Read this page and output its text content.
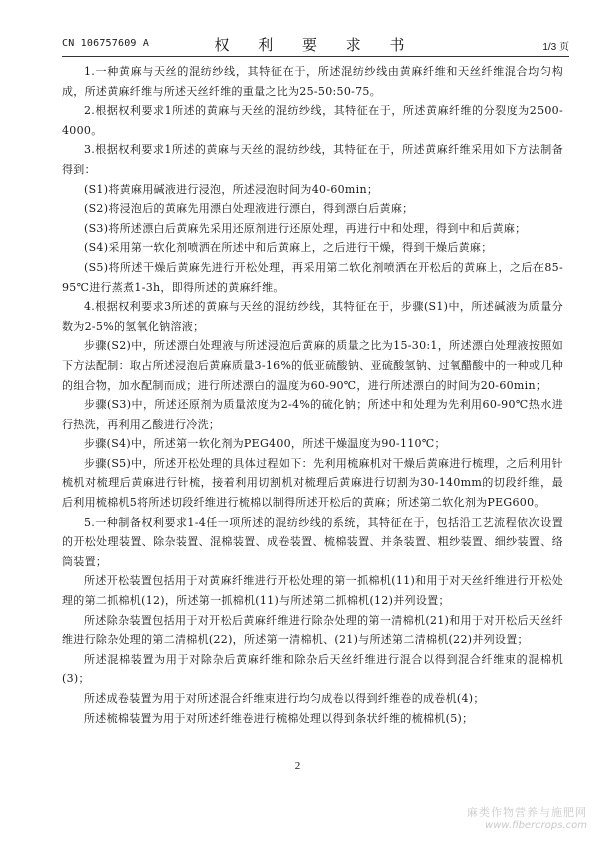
CN 106757609 A	权 利 要 求 书	1/3 页

1.一种黄麻与天丝的混纺纱线，其特征在于，所述混纺纱线由黄麻纤维和天丝纤维混合均匀构成，所述黄麻纤维与所述天丝纤维的重量之比为25-50:50-75。

2.根据权利要求1所述的黄麻与天丝的混纺纱线，其特征在于，所述黄麻纤维的分裂度为2500-4000。

3.根据权利要求1所述的黄麻与天丝的混纺纱线，其特征在于，所述黄麻纤维采用如下方法制备得到：

(S1)将黄麻用碱液进行浸泡，所述浸泡时间为40-60min；

(S2)将浸泡后的黄麻先用漂白处理液进行漂白，得到漂白后黄麻；

(S3)将所述漂白后黄麻先采用还原剂进行还原处理，再进行中和处理，得到中和后黄麻；

(S4)采用第一软化剂喷洒在所述中和后黄麻上，之后进行干燥，得到干燥后黄麻；

(S5)将所述干燥后黄麻先进行开松处理，再采用第二软化剂喷洒在开松后的黄麻上，之后在85-95℃进行蒸煮1-3h，即得所述的黄麻纤维。

4.根据权利要求3所述的黄麻与天丝的混纺纱线，其特征在于，步骤(S1)中，所述碱液为质量分数为2-5%的氢氧化钠溶液；

步骤(S2)中，所述漂白处理液与所述浸泡后黄麻的质量之比为15-30:1，所述漂白处理液按照如下方法配制：取占所述浸泡后黄麻质量3-16%的低亚硫酸钠、亚硫酸氢钠、过氧醋酸中的一种或几种的组合物，加水配制而成；进行所述漂白的温度为60-90℃，进行所述漂白的时间为20-60min；

步骤(S3)中，所述还原剂为质量浓度为2-4%的硫化钠；所述中和处理为先利用60-90℃热水进行热洗，再利用乙酸进行冷洗；

步骤(S4)中，所述第一软化剂为PEG400，所述干燥温度为90-110℃；

步骤(S5)中，所述开松处理的具体过程如下：先利用梳麻机对干燥后黄麻进行梳理，之后利用针梳机对梳理后黄麻进行针梳，接着利用切割机对梳理后黄麻进行切割为30-140mm的切段纤维，最后利用梳棉机5将所述切段纤维进行梳棉以制得所述开松后的黄麻；所述第二软化剂为PEG600。

5.一种制备权利要求1-4任一项所述的混纺纱线的系统，其特征在于，包括沿工艺流程依次设置的开松处理装置、除杂装置、混棉装置、成卷装置、梳棉装置、并条装置、粗纱装置、细纱装置、络筒装置；

所述开松装置包括用于对黄麻纤维进行开松处理的第一抓棉机(11)和用于对天丝纤维进行开松处理的第二抓棉机(12)，所述第一抓棉机(11)与所述第二抓棉机(12)并列设置；

所述除杂装置包括用于对开松后黄麻纤维进行除杂处理的第一清棉机(21)和用于对开松后天丝纤维进行除杂处理的第二清棉机(22)，所述第一清棉机、(21)与所述第二清棉机(22)并列设置；

所述混棉装置为用于对除杂后黄麻纤维和除杂后天丝纤维进行混合以得到混合纤维束的混棉机(3)；

所述成卷装置为用于对所述混合纤维束进行均匀成卷以得到纤维卷的成卷机(4)；

所述梳棉装置为用于对所述纤维卷进行梳棉处理以得到条状纤维的梳棉机(5)；

2
麻类作物营养与施肥网
www.fibercrops.com
